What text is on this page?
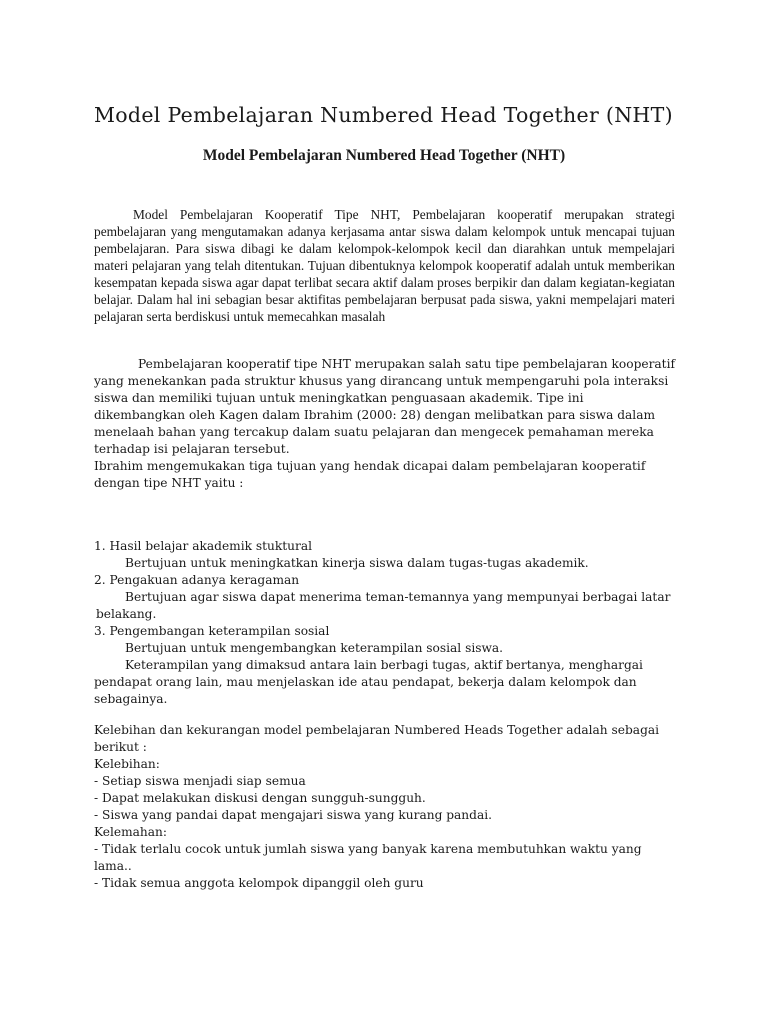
Model Pembelajaran Numbered Head Together (NHT)
Model Pembelajaran Numbered Head Together (NHT)

Model Pembelajaran Kooperatif Tipe NHT, Pembelajaran kooperatif merupakan strategi pembelajaran yang mengutamakan adanya kerjasama antar siswa dalam kelompok untuk mencapai tujuan pembelajaran. Para siswa dibagi ke dalam kelompok-kelompok kecil dan diarahkan untuk mempelajari materi pelajaran yang telah ditentukan. Tujuan dibentuknya kelompok kooperatif adalah untuk memberikan kesempatan kepada siswa agar dapat terlibat secara aktif dalam proses berpikir dan dalam kegiatan-kegiatan belajar. Dalam hal ini sebagian besar aktifitas pembelajaran berpusat pada siswa, yakni mempelajari materi pelajaran serta berdiskusi untuk memecahkan masalah

Pembelajaran kooperatif tipe NHT merupakan salah satu tipe pembelajaran kooperatif

yang menekankan pada struktur khusus yang dirancang untuk mempengaruhi pola interaksi

siswa dan memiliki tujuan untuk meningkatkan penguasaan akademik. Tipe ini

dikembangkan oleh Kagen dalam Ibrahim (2000: 28) dengan melibatkan para siswa dalam

menelaah bahan yang tercakup dalam suatu pelajaran dan mengecek pemahaman mereka

terhadap isi pelajaran tersebut.

Ibrahim mengemukakan tiga tujuan yang hendak dicapai dalam pembelajaran kooperatif

dengan tipe NHT yaitu :

1. Hasil belajar akademik stuktural

Bertujuan untuk meningkatkan kinerja siswa dalam tugas-tugas akademik.

2. Pengakuan adanya keragaman

Bertujuan agar siswa dapat menerima teman-temannya yang mempunyai berbagai latar

belakang.

3. Pengembangan keterampilan sosial

Bertujuan untuk mengembangkan keterampilan sosial siswa.

Keterampilan yang dimaksud antara lain berbagi tugas, aktif bertanya, menghargai

pendapat orang lain, mau menjelaskan ide atau pendapat, bekerja dalam kelompok dan

sebagainya.

Kelebihan dan kekurangan model pembelajaran Numbered Heads Together adalah sebagai

berikut :

Kelebihan:

- Setiap siswa menjadi siap semua

- Dapat melakukan diskusi dengan sungguh-sungguh.

- Siswa yang pandai dapat mengajari siswa yang kurang pandai.

Kelemahan:

- Tidak terlalu cocok untuk jumlah siswa yang banyak karena membutuhkan waktu yang

lama..

- Tidak semua anggota kelompok dipanggil oleh guru
